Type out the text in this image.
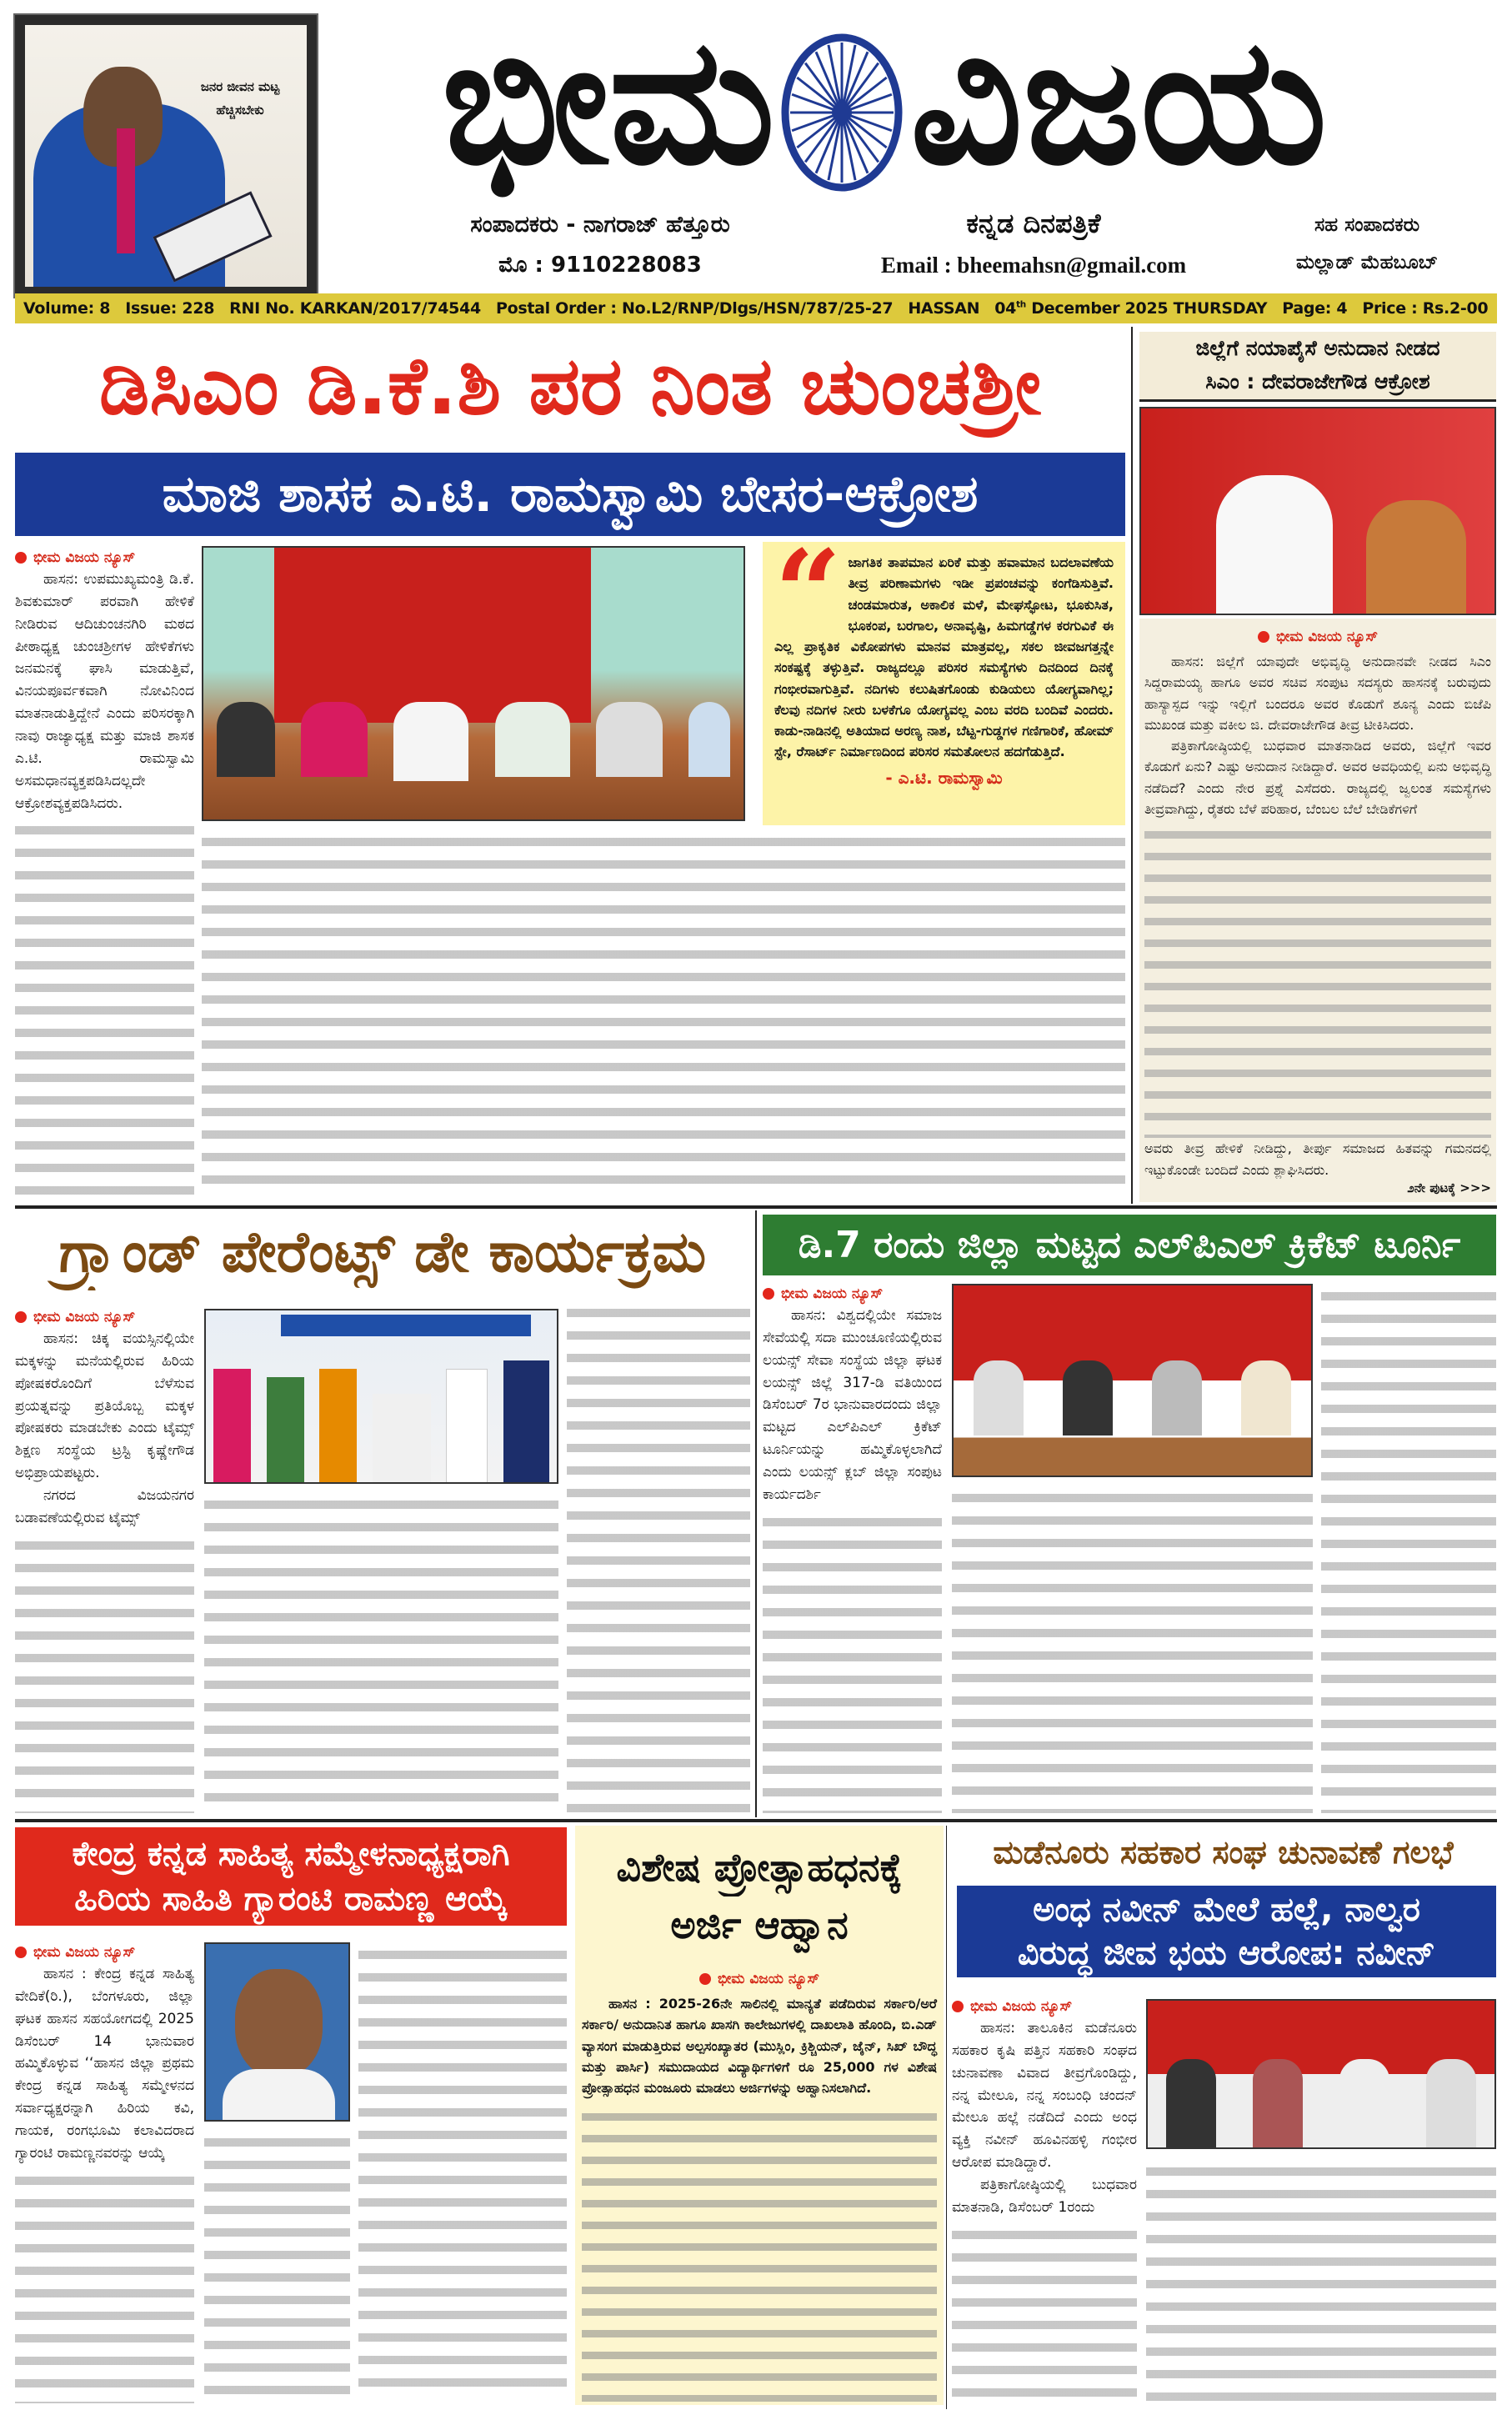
ಜನರ ಜೀವನ ಮಟ್ಟ ಹೆಚ್ಚಿಸಬೇಕು	ಭೀಮ ವಿಜಯ
ಸಂಪಾದಕರು - ನಾಗರಾಜ್ ಹೆತ್ತೂರು
ಮೊ : 9110228083
ಕನ್ನಡ ದಿನಪತ್ರಿಕೆ
Email : bheemahsn@gmail.com
ಸಹ ಸಂಪಾದಕರು
ಮಲ್ಲಾಡ್ ಮೆಹಬೂಬ್
Volume: 8 Issue: 228 RNI No. KARKAN/2017/74544 Postal Order : No.L2/RNP/Dlgs/HSN/787/25-27 HASSAN 04th December 2025 THURSDAY Page: 4 Price : Rs.2-00
ಡಿಸಿಎಂ ಡಿ.ಕೆ.ಶಿ ಪರ ನಿಂತ ಚುಂಚಶ್ರೀ
ಮಾಜಿ ಶಾಸಕ ಎ.ಟಿ. ರಾಮಸ್ವಾಮಿ ಬೇಸರ-ಆಕ್ರೋಶ
ಭೀಮ ವಿಜಯ ನ್ಯೂಸ್

ಹಾಸನ: ಉಪಮುಖ್ಯಮಂತ್ರಿ ಡಿ.ಕೆ. ಶಿವಕುಮಾರ್ ಪರವಾಗಿ ಹೇಳಿಕೆ ನೀಡಿರುವ ಆದಿಚುಂಚನಗಿರಿ ಮಠದ ಪೀಠಾಧ್ಯಕ್ಷ ಚುಂಚಶ್ರೀಗಳ ಹೇಳಿಕೆಗಳು ಜನಮನಕ್ಕೆ ಘಾಸಿ ಮಾಡುತ್ತಿವೆ, ವಿನಯಪೂರ್ವಕವಾಗಿ ನೋವಿನಿಂದ ಮಾತನಾಡುತ್ತಿದ್ದೇನೆ ಎಂದು ಪರಿಸರಕ್ಕಾಗಿ ನಾವು ರಾಜ್ಯಾಧ್ಯಕ್ಷ ಮತ್ತು ಮಾಜಿ ಶಾಸಕ ಎ.ಟಿ. ರಾಮಸ್ವಾಮಿ ಅಸಮಧಾನವ್ಯಕ್ತಪಡಿಸಿದಲ್ಲದೇ ಆಕ್ರೋಶವ್ಯಕ್ತಪಡಿಸಿದರು.

“ ಜಾಗತಿಕ ತಾಪಮಾನ ಏರಿಕೆ ಮತ್ತು ಹವಾಮಾನ ಬದಲಾವಣೆಯ ತೀವ್ರ ಪರಿಣಾಮಗಳು ಇಡೀ ಪ್ರಪಂಚವನ್ನು ಕಂಗೆಡಿಸುತ್ತಿವೆ. ಚಂಡಮಾರುತ, ಅಕಾಲಿಕ ಮಳೆ, ಮೇಘಸ್ಫೋಟ, ಭೂಕುಸಿತ, ಭೂಕಂಪ, ಬರಗಾಲ, ಅನಾವೃಷ್ಟಿ, ಹಿಮಗಡ್ಡೆಗಳ ಕರಗುವಿಕೆ ಈ ಎಲ್ಲ ಪ್ರಾಕೃತಿಕ ವಿಕೋಪಗಳು ಮಾನವ ಮಾತ್ರವಲ್ಲ, ಸಕಲ ಜೀವಜಗತ್ತನ್ನೇ ಸಂಕಷ್ಟಕ್ಕೆ ತಳ್ಳುತ್ತಿವೆ. ರಾಜ್ಯದಲ್ಲೂ ಪರಿಸರ ಸಮಸ್ಯೆಗಳು ದಿನದಿಂದ ದಿನಕ್ಕೆ ಗಂಭೀರವಾಗುತ್ತಿವೆ. ನದಿಗಳು ಕಲುಷಿತಗೊಂಡು ಕುಡಿಯಲು ಯೋಗ್ಯವಾಗಿಲ್ಲ; ಕೆಲವು ನದಿಗಳ ನೀರು ಬಳಕೆಗೂ ಯೋಗ್ಯವಲ್ಲ ಎಂಬ ವರದಿ ಬಂದಿವೆ ಎಂದರು. ಕಾಡು-ನಾಡಿನಲ್ಲಿ ಅತಿಯಾದ ಅರಣ್ಯ ನಾಶ, ಬೆಟ್ಟ-ಗುಡ್ಡಗಳ ಗಣಿಗಾರಿಕೆ, ಹೋಮ್ ಸ್ಟೇ, ರೆಸಾರ್ಟ್ ನಿರ್ಮಾಣದಿಂದ ಪರಿಸರ ಸಮತೋಲನ ಹದಗೆಡುತ್ತಿದೆ.
- ಎ.ಟಿ. ರಾಮಸ್ವಾಮಿ
ಜಿಲ್ಲೆಗೆ ನಯಾಪೈಸೆ ಅನುದಾನ ನೀಡದ
ಸಿಎಂ : ದೇವರಾಜೇಗೌಡ ಆಕ್ರೋಶ
ಭೀಮ ವಿಜಯ ನ್ಯೂಸ್

ಹಾಸನ: ಜಿಲ್ಲೆಗೆ ಯಾವುದೇ ಅಭಿವೃದ್ಧಿ ಅನುದಾನವೇ ನೀಡದ ಸಿಎಂ ಸಿದ್ದರಾಮಯ್ಯ ಹಾಗೂ ಅವರ ಸಚಿವ ಸಂಪುಟ ಸದಸ್ಯರು ಹಾಸನಕ್ಕೆ ಬರುವುದು ಹಾಸ್ಯಾಸ್ಪದ ಇನ್ನು ಇಲ್ಲಿಗೆ ಬಂದರೂ ಅವರ ಕೊಡುಗೆ ಶೂನ್ಯ ಎಂದು ಬಿಜೆಪಿ ಮುಖಂಡ ಮತ್ತು ವಕೀಲ ಜಿ. ದೇವರಾಜೇಗೌಡ ತೀವ್ರ ಟೀಕಿಸಿದರು.

ಪತ್ರಿಕಾಗೋಷ್ಠಿಯಲ್ಲಿ ಬುಧವಾರ ಮಾತನಾಡಿದ ಅವರು, ಜಿಲ್ಲೆಗೆ ಇವರ ಕೊಡುಗೆ ಏನು? ಎಷ್ಟು ಅನುದಾನ ನೀಡಿದ್ದಾರೆ. ಅವರ ಅವಧಿಯಲ್ಲಿ ಏನು ಅಭಿವೃದ್ಧಿ ನಡೆದಿದೆ? ಎಂದು ನೇರ ಪ್ರಶ್ನೆ ಎಸೆದರು. ರಾಜ್ಯದಲ್ಲಿ ಜ್ವಲಂತ ಸಮಸ್ಯೆಗಳು ತೀವ್ರವಾಗಿದ್ದು, ರೈತರು ಬೆಳೆ ಪರಿಹಾರ, ಬೆಂಬಲ ಬೆಲೆ ಬೇಡಿಕೆಗಳಿಗೆ

ಅವರು ತೀವ್ರ ಹೇಳಿಕೆ ನೀಡಿದ್ದು, ತೀರ್ಪು ಸಮಾಜದ ಹಿತವನ್ನು ಗಮನದಲ್ಲಿ ಇಟ್ಟುಕೊಂಡೇ ಬಂದಿದೆ ಎಂದು ಶ್ಲಾಘಿಸಿದರು.
೨ನೇ ಪುಟಕ್ಕೆ >>>
ಗ್ರ್ಯಾಂಡ್ ಪೇರೆಂಟ್ಸ್ ಡೇ ಕಾರ್ಯಕ್ರಮ
ಭೀಮ ವಿಜಯ ನ್ಯೂಸ್

ಹಾಸನ: ಚಿಕ್ಕ ವಯಸ್ಸಿನಲ್ಲಿಯೇ ಮಕ್ಕಳನ್ನು ಮನೆಯಲ್ಲಿರುವ ಹಿರಿಯ ಪೋಷಕರೊಂದಿಗೆ ಬೆಳೆಸುವ ಪ್ರಯತ್ನವನ್ನು ಪ್ರತಿಯೊಬ್ಬ ಮಕ್ಕಳ ಪೋಷಕರು ಮಾಡಬೇಕು ಎಂದು ಟೈಮ್ಸ್ ಶಿಕ್ಷಣ ಸಂಸ್ಥೆಯ ಟ್ರಸ್ಟಿ ಕೃಷ್ಣೇಗೌಡ ಅಭಿಪ್ರಾಯಪಟ್ಟರು.

ನಗರದ ವಿಜಯನಗರ ಬಡಾವಣೆಯಲ್ಲಿರುವ ಟೈಮ್ಸ್

ಡಿ.7 ರಂದು ಜಿಲ್ಲಾ ಮಟ್ಟದ ಎಲ್‌ಪಿಎಲ್ ಕ್ರಿಕೆಟ್ ಟೂರ್ನಿ
ಭೀಮ ವಿಜಯ ನ್ಯೂಸ್

ಹಾಸನ: ವಿಶ್ವದಲ್ಲಿಯೇ ಸಮಾಜ ಸೇವೆಯಲ್ಲಿ ಸದಾ ಮುಂಚೂಣಿಯಲ್ಲಿರುವ ಲಯನ್ಸ್ ಸೇವಾ ಸಂಸ್ಥೆಯ ಜಿಲ್ಲಾ ಘಟಕ ಲಯನ್ಸ್ ಜಿಲ್ಲೆ 317-ಡಿ ವತಿಯಿಂದ ಡಿಸೆಂಬರ್ 7ರ ಭಾನುವಾರದಂದು ಜಿಲ್ಲಾ ಮಟ್ಟದ ಎಲ್‌ಪಿಎಲ್ ಕ್ರಿಕೆಟ್ ಟೂರ್ನಿಯನ್ನು ಹಮ್ಮಿಕೊಳ್ಳಲಾಗಿದೆ ಎಂದು ಲಯನ್ಸ್ ಕ್ಲಬ್ ಜಿಲ್ಲಾ ಸಂಪುಟ ಕಾರ್ಯದರ್ಶಿ

ಕೇಂದ್ರ ಕನ್ನಡ ಸಾಹಿತ್ಯ ಸಮ್ಮೇಳನಾಧ್ಯಕ್ಷರಾಗಿ
ಹಿರಿಯ ಸಾಹಿತಿ ಗ್ಯಾರಂಟಿ ರಾಮಣ್ಣ ಆಯ್ಕೆ
ಭೀಮ ವಿಜಯ ನ್ಯೂಸ್

ಹಾಸನ : ಕೇಂದ್ರ ಕನ್ನಡ ಸಾಹಿತ್ಯ ವೇದಿಕೆ(ರಿ.), ಬೆಂಗಳೂರು, ಜಿಲ್ಲಾ ಘಟಕ ಹಾಸನ ಸಹಯೋಗದಲ್ಲಿ 2025 ಡಿಸೆಂಬರ್ 14 ಭಾನುವಾರ ಹಮ್ಮಿಕೊಳ್ಳುವ ‘‘ಹಾಸನ ಜಿಲ್ಲಾ ಪ್ರಥಮ ಕೇಂದ್ರ ಕನ್ನಡ ಸಾಹಿತ್ಯ ಸಮ್ಮೇಳನದ ಸರ್ವಾಧ್ಯಕ್ಷರನ್ನಾಗಿ ಹಿರಿಯ ಕವಿ, ಗಾಯಕ, ರಂಗಭೂಮಿ ಕಲಾವಿದರಾದ ಗ್ಯಾರಂಟಿ ರಾಮಣ್ಣನವರನ್ನು ಆಯ್ಕೆ

ವಿಶೇಷ ಪ್ರೋತ್ಸಾಹಧನಕ್ಕೆ
ಅರ್ಜಿ ಆಹ್ವಾನ
ಭೀಮ ವಿಜಯ ನ್ಯೂಸ್

ಹಾಸನ : 2025-26ನೇ ಸಾಲಿನಲ್ಲಿ ಮಾನ್ಯತೆ ಪಡೆದಿರುವ ಸರ್ಕಾರಿ/ಅರೆ ಸರ್ಕಾರಿ/ ಅನುದಾನಿತ ಹಾಗೂ ಖಾಸಗಿ ಕಾಲೇಜುಗಳಲ್ಲಿ ದಾಖಲಾತಿ ಹೊಂದಿ, ಬಿ.ಎಡ್ ವ್ಯಾಸಂಗ ಮಾಡುತ್ತಿರುವ ಅಲ್ಪಸಂಖ್ಯಾತರ (ಮುಸ್ಲಿಂ, ಕ್ರಿಶ್ಚಿಯನ್, ಜೈನ್, ಸಿಖ್ ಬೌದ್ಧ ಮತ್ತು ಪಾರ್ಸಿ) ಸಮುದಾಯದ ವಿದ್ಯಾರ್ಥಿಗಳಿಗೆ ರೂ 25,000 ಗಳ ವಿಶೇಷ ಪ್ರೋತ್ಸಾಹಧನ ಮಂಜೂರು ಮಾಡಲು ಅರ್ಜಿಗಳನ್ನು ಅಹ್ವಾನಿಸಲಾಗಿದೆ.

ಮಡೆನೂರು ಸಹಕಾರ ಸಂಘ ಚುನಾವಣೆ ಗಲಭೆ
ಅಂಧ ನವೀನ್ ಮೇಲೆ ಹಲ್ಲೆ, ನಾಲ್ವರ
ವಿರುದ್ಧ ಜೀವ ಭಯ ಆರೋಪ: ನವೀನ್
ಭೀಮ ವಿಜಯ ನ್ಯೂಸ್

ಹಾಸನ: ತಾಲೂಕಿನ ಮಡೆನೂರು ಸಹಕಾರ ಕೃಷಿ ಪತ್ತಿನ ಸಹಕಾರಿ ಸಂಘದ ಚುನಾವಣಾ ವಿವಾದ ತೀವ್ರಗೊಂಡಿದ್ದು, ನನ್ನ ಮೇಲೂ, ನನ್ನ ಸಂಬಂಧಿ ಚಂದನ್ ಮೇಲೂ ಹಲ್ಲೆ ನಡೆದಿದೆ ಎಂದು ಅಂಧ ವ್ಯಕ್ತಿ ನವೀನ್ ಹೂವಿನಹಳ್ಳಿ ಗಂಭೀರ ಆರೋಪ ಮಾಡಿದ್ದಾರೆ.

ಪತ್ರಿಕಾಗೋಷ್ಠಿಯಲ್ಲಿ ಬುಧವಾರ ಮಾತನಾಡಿ, ಡಿಸೆಂಬರ್ 1ರಂದು
